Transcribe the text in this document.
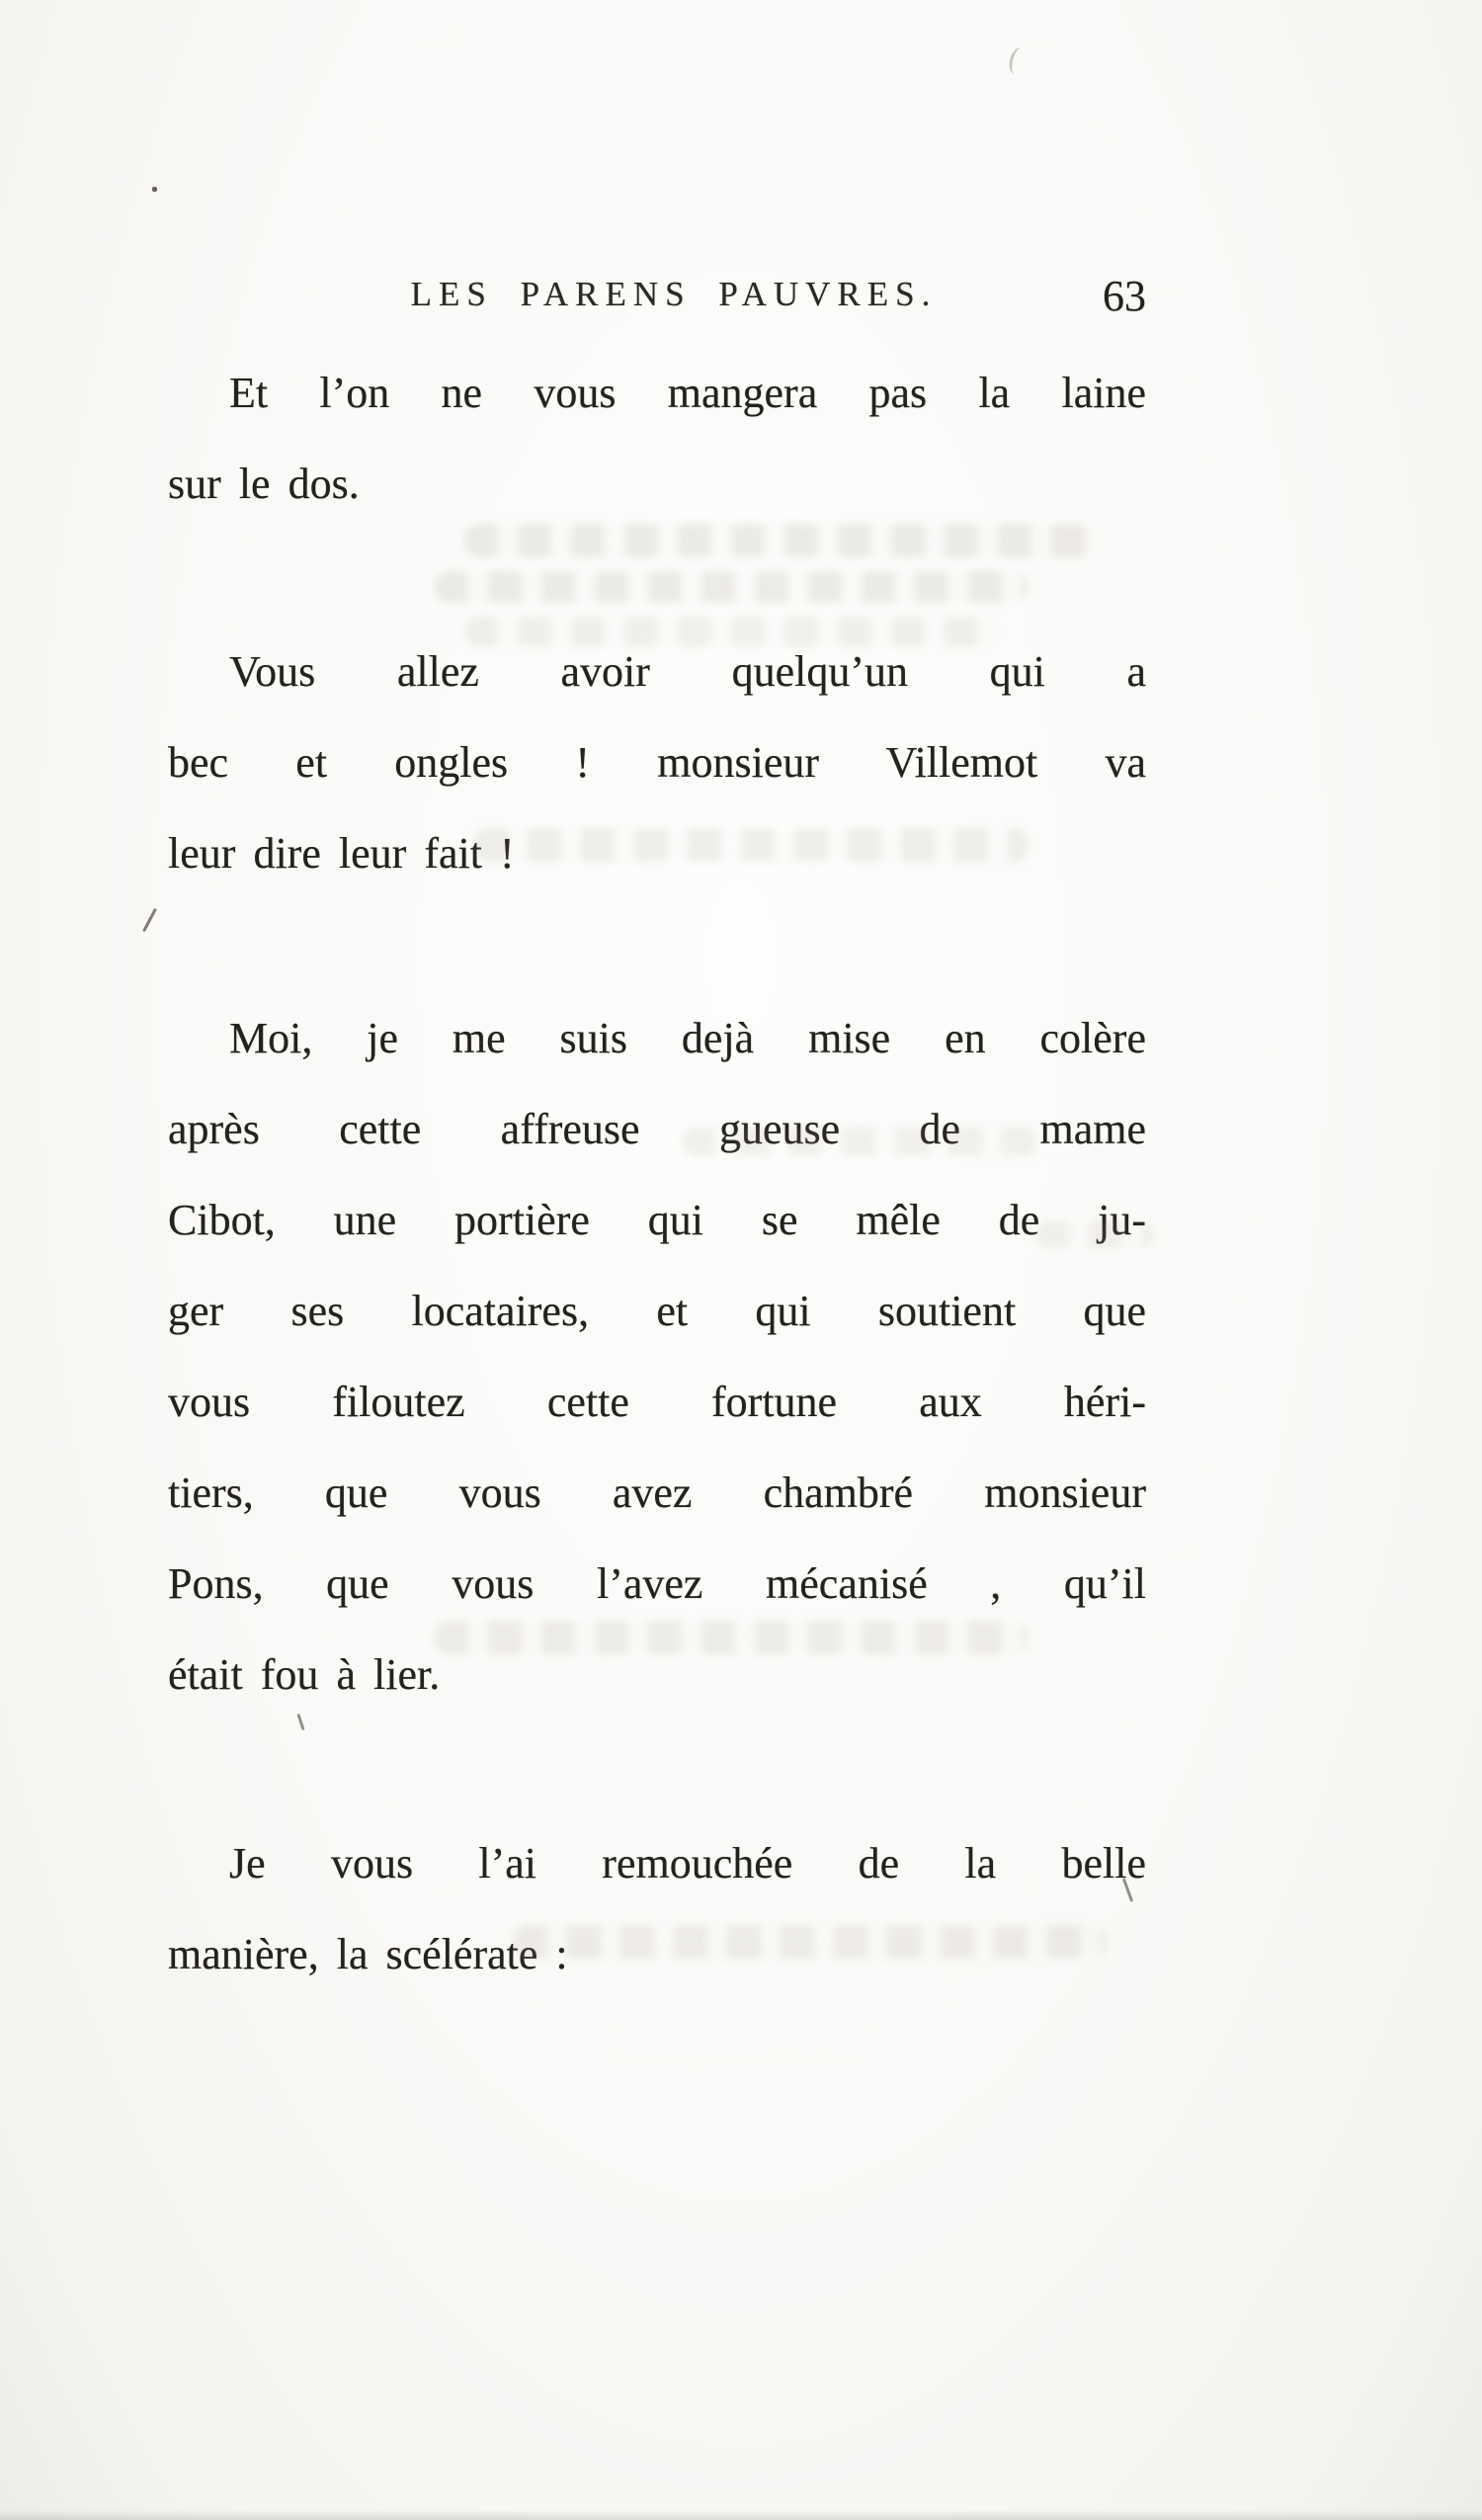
LES PARENS PAUVRES.	63
Et l’on ne vous mangera pas la laine
sur le dos.
Vous allez avoir quelqu’un qui a
bec et ongles ! monsieur Villemot va
leur dire leur fait !
Moi, je me suis dejà mise en colère
après cette affreuse gueuse de mame
Cibot, une portière qui se mêle de ju-
ger ses locataires, et qui soutient que
vous filoutez cette fortune aux héri-
tiers, que vous avez chambré monsieur
Pons, que vous l’avez mécanisé , qu’il
était fou à lier.
Je vous l’ai remouchée de la belle
manière, la scélérate :
